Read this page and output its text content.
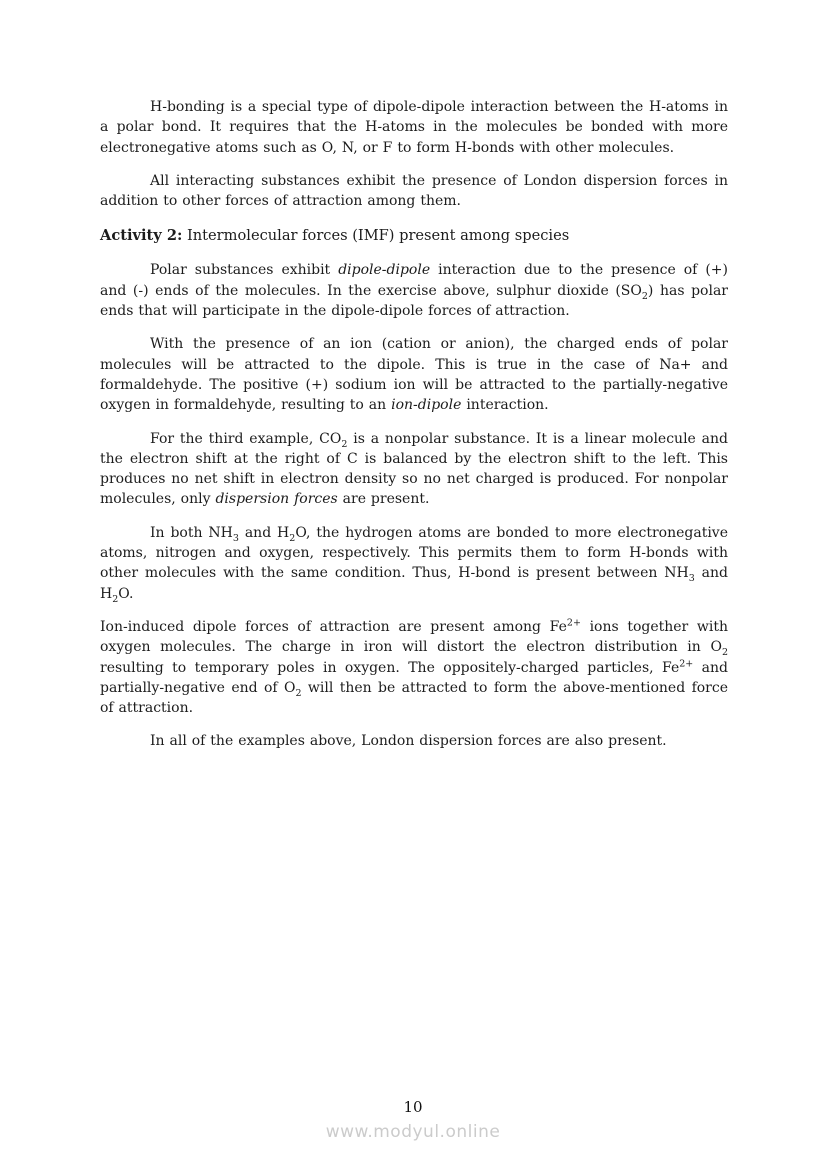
H-bonding is a special type of dipole-dipole interaction between the H-atoms in a polar bond. It requires that the H-atoms in the molecules be bonded with more electronegative atoms such as O, N, or F to form H-bonds with other molecules.

All interacting substances exhibit the presence of London dispersion forces in addition to other forces of attraction among them.

Activity 2: Intermolecular forces (IMF) present among species

Polar substances exhibit dipole-dipole interaction due to the presence of (+) and (-) ends of the molecules. In the exercise above, sulphur dioxide $(SO_2)$ has polar ends that will participate in the dipole-dipole forces of attraction.

With the presence of an ion (cation or anion), the charged ends of polar molecules will be attracted to the dipole. This is true in the case of Na+ and formaldehyde. The positive (+) sodium ion will be attracted to the partially-negative oxygen in formaldehyde, resulting to an ion-dipole interaction.

For the third example, $CO_2$ is a nonpolar substance. It is a linear molecule and the electron shift at the right of C is balanced by the electron shift to the left. This produces no net shift in electron density so no net charged is produced. For nonpolar molecules, only dispersion forces are present.

In both $NH_3$ and $H_2O$, the hydrogen atoms are bonded to more electronegative atoms, nitrogen and oxygen, respectively. This permits them to form H-bonds with other molecules with the same condition. Thus, H-bond is present between $NH_3$ and $H_2O$.

Ion-induced dipole forces of attraction are present among $Fe^{2+}$ ions together with oxygen molecules. The charge in iron will distort the electron distribution in $O_2$ resulting to temporary poles in oxygen. The oppositely-charged particles, $Fe^{2+}$ and partially-negative end of $O_2$ will then be attracted to form the above-mentioned force of attraction.

In all of the examples above, London dispersion forces are also present.

10
www.modyul.online
